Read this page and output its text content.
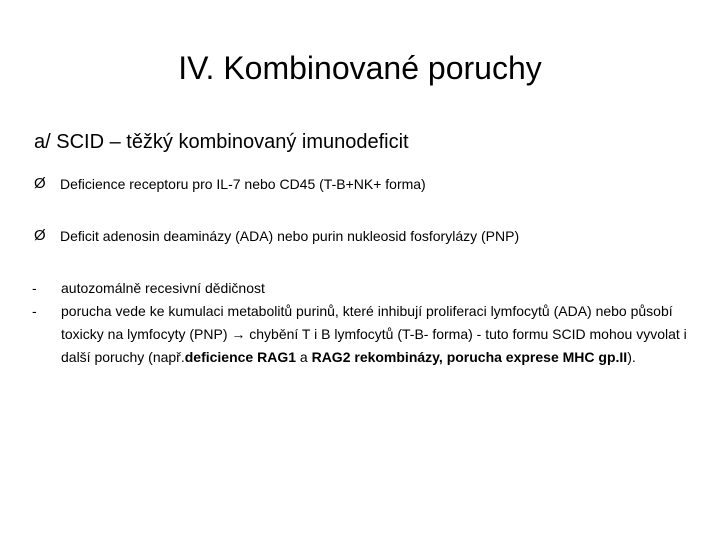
IV. Kombinované poruchy
a/ SCID – těžký kombinovaný imunodeficit
Ø	Deficience receptoru pro IL-7 nebo CD45 (T-B+NK+ forma)
Ø	Deficit adenosin deaminázy (ADA) nebo purin nukleosid fosforylázy (PNP)
-	autozomálně recesivní dědičnost
-	porucha vede ke kumulaci metabolitů purinů, které inhibují proliferaci lymfocytů (ADA) nebo působí toxicky na lymfocyty (PNP) → chybění T i B lymfocytů (T-B- forma) - tuto formu SCID mohou vyvolat i další poruchy (např.deficience RAG1 a RAG2 rekombinázy, porucha exprese MHC gp.II).
